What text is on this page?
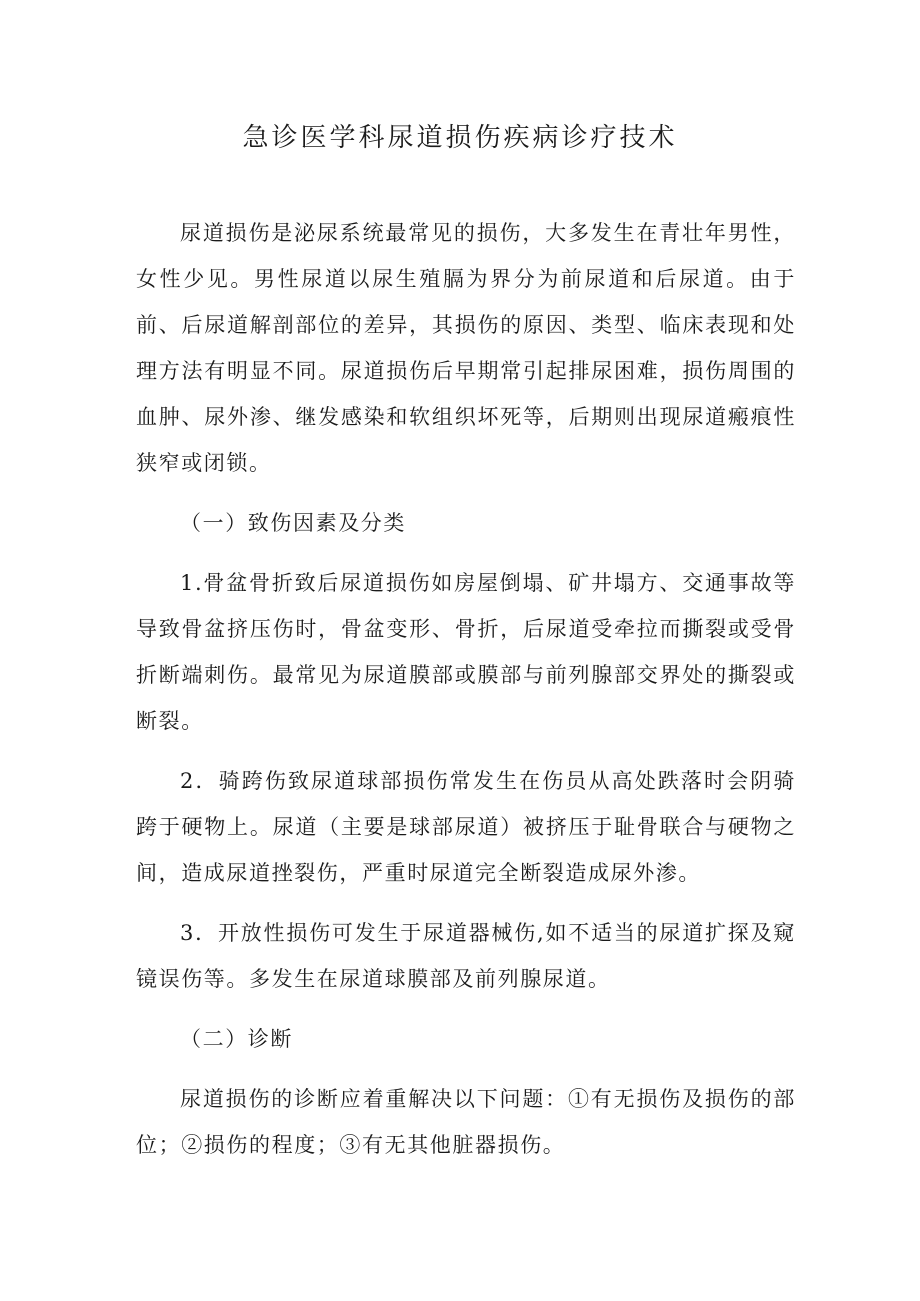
急诊医学科尿道损伤疾病诊疗技术

尿道损伤是泌尿系统最常见的损伤，大多发生在青壮年男性，女性少见。男性尿道以尿生殖膈为界分为前尿道和后尿道。由于前、后尿道解剖部位的差异，其损伤的原因、类型、临床表现和处理方法有明显不同。尿道损伤后早期常引起排尿困难，损伤周围的血肿、尿外渗、继发感染和软组织坏死等，后期则出现尿道瘢痕性狭窄或闭锁。

（一）致伤因素及分类

1.骨盆骨折致后尿道损伤如房屋倒塌、矿井塌方、交通事故等导致骨盆挤压伤时，骨盆变形、骨折，后尿道受牵拉而撕裂或受骨折断端刺伤。最常见为尿道膜部或膜部与前列腺部交界处的撕裂或断裂。

2．骑跨伤致尿道球部损伤常发生在伤员从高处跌落时会阴骑跨于硬物上。尿道（主要是球部尿道）被挤压于耻骨联合与硬物之间，造成尿道挫裂伤，严重时尿道完全断裂造成尿外渗。

3．开放性损伤可发生于尿道器械伤,如不适当的尿道扩探及窥镜误伤等。多发生在尿道球膜部及前列腺尿道。

（二）诊断

尿道损伤的诊断应着重解决以下问题：①有无损伤及损伤的部位；②损伤的程度；③有无其他脏器损伤。
